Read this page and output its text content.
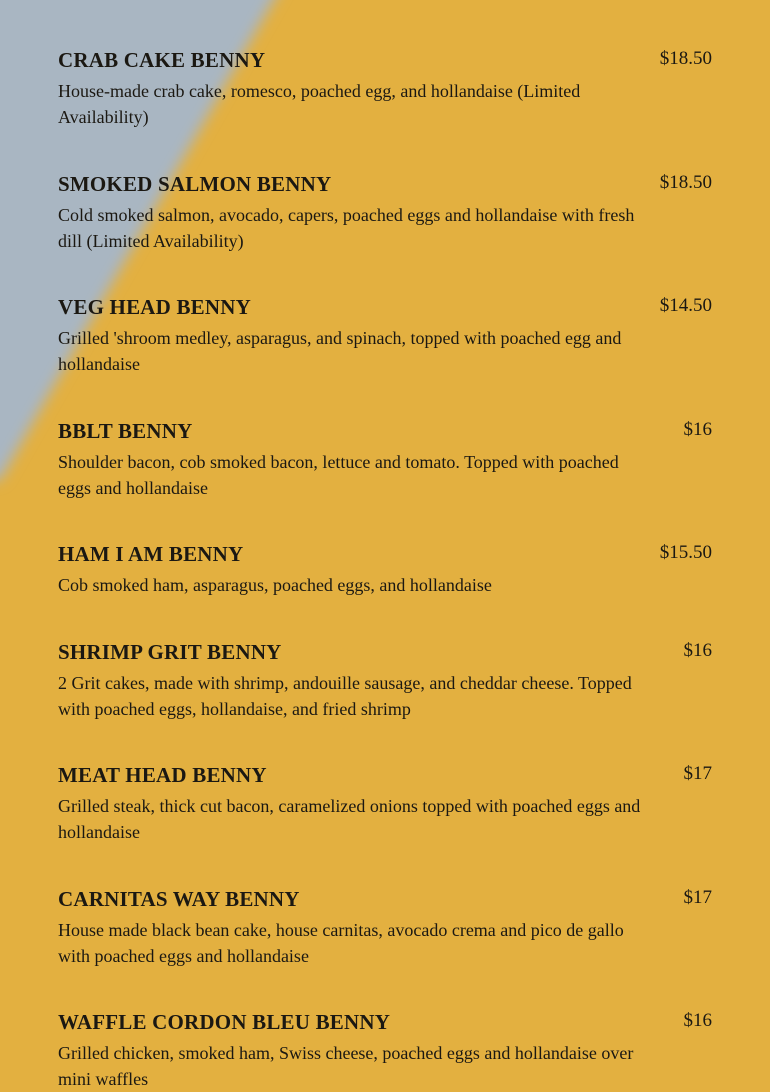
CRAB CAKE BENNY	$18.50
House-made crab cake, romesco, poached egg, and hollandaise (Limited Availability)
SMOKED SALMON BENNY	$18.50
Cold smoked salmon, avocado, capers, poached eggs and hollandaise with fresh dill (Limited Availability)
VEG HEAD BENNY	$14.50
Grilled 'shroom medley, asparagus, and spinach, topped with poached egg and hollandaise
BBLT BENNY	$16
Shoulder bacon, cob smoked bacon, lettuce and tomato. Topped with poached eggs and hollandaise
HAM I AM BENNY	$15.50
Cob smoked ham, asparagus, poached eggs, and hollandaise
SHRIMP GRIT BENNY	$16
2 Grit cakes, made with shrimp, andouille sausage, and cheddar cheese. Topped with poached eggs, hollandaise, and fried shrimp
MEAT HEAD BENNY	$17
Grilled steak, thick cut bacon, caramelized onions topped with poached eggs and hollandaise
CARNITAS WAY BENNY	$17
House made black bean cake, house carnitas, avocado crema and pico de gallo with poached eggs and hollandaise
WAFFLE CORDON BLEU BENNY	$16
Grilled chicken, smoked ham, Swiss cheese, poached eggs and hollandaise over mini waffles
